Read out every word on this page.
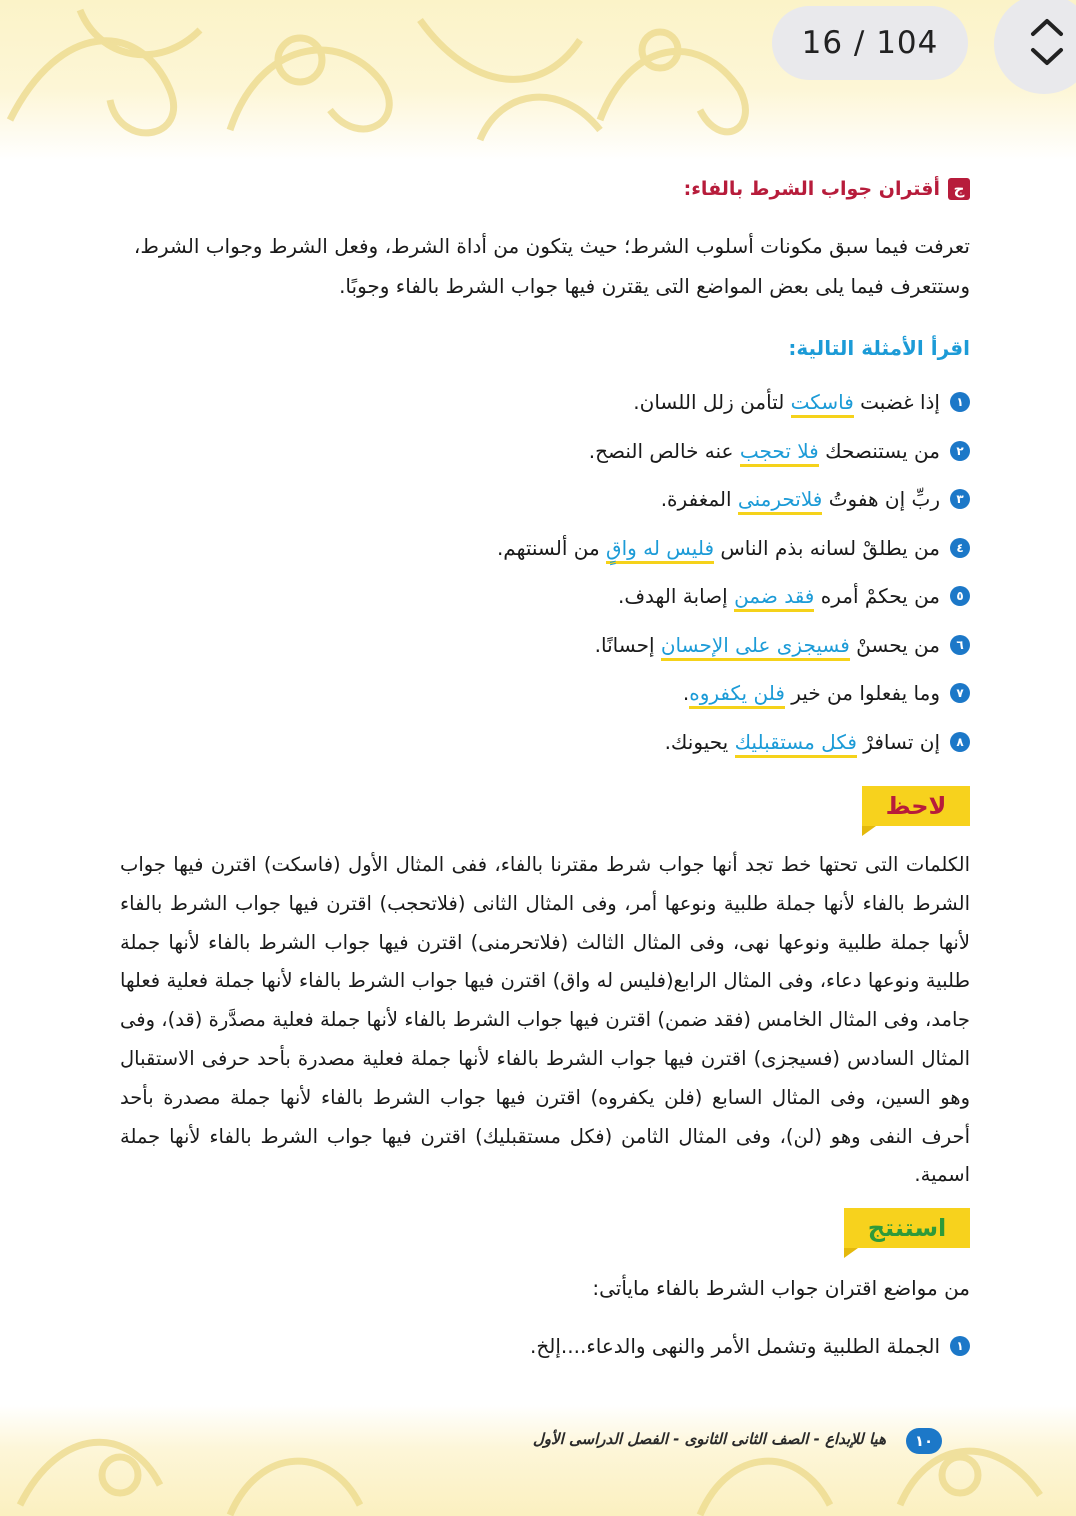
16 / 104
ج
أقتران جواب الشرط بالفاء:

تعرفت فيما سبق مكونات أسلوب الشرط؛ حيث يتكون من أداة الشرط، وفعل الشرط وجواب الشرط، وستتعرف فيما يلى بعض المواضع التى يقترن فيها جواب الشرط بالفاء وجوبًا.

اقرأ الأمثلة التالية:
١
إذا غضبت فاسكت لتأمن زلل اللسان.
٢
من يستنصحك فلا تحجب عنه خالص النصح.
٣
ربِّ إن هفوتُ فلاتحرمنى المغفرة.
٤
من يطلقْ لسانه بذم الناس فليس له واقٍ من ألسنتهم.
٥
من يحكمْ أمره فقد ضمن إصابة الهدف.
٦
من يحسنْ فسيجزى على الإحسان إحسانًا.
٧
وما يفعلوا من خير فلن يكفروه.
٨
إن تسافرْ فكل مستقبليك يحيونك.
لاحظ

الكلمات التى تحتها خط تجد أنها جواب شرط مقترنا بالفاء، ففى المثال الأول (فاسكت) اقترن فيها جواب الشرط بالفاء لأنها جملة طلبية ونوعها أمر، وفى المثال الثانى (فلاتحجب) اقترن فيها جواب الشرط بالفاء لأنها جملة طلبية ونوعها نهى، وفى المثال الثالث (فلاتحرمنى) اقترن فيها جواب الشرط بالفاء لأنها جملة طلبية ونوعها دعاء، وفى المثال الرابع(فليس له واق) اقترن فيها جواب الشرط بالفاء لأنها جملة فعلية فعلها جامد، وفى المثال الخامس (فقد ضمن) اقترن فيها جواب الشرط بالفاء لأنها جملة فعلية مصدَّرة (قد)، وفى المثال السادس (فسيجزى) اقترن فيها جواب الشرط بالفاء لأنها جملة فعلية مصدرة بأحد حرفى الاستقبال وهو السين، وفى المثال السابع (فلن يكفروه) اقترن فيها جواب الشرط بالفاء لأنها جملة مصدرة بأحد أحرف النفى وهو (لن)، وفى المثال الثامن (فكل مستقبليك) اقترن فيها جواب الشرط بالفاء لأنها جملة اسمية.

استنتج
من مواضع اقتران جواب الشرط بالفاء مايأتى:
١
الجملة الطلبية وتشمل الأمر والنهى والدعاء....إلخ.
١٠
هيا للإبداع - الصف الثانى الثانوى - الفصل الدراسى الأول
